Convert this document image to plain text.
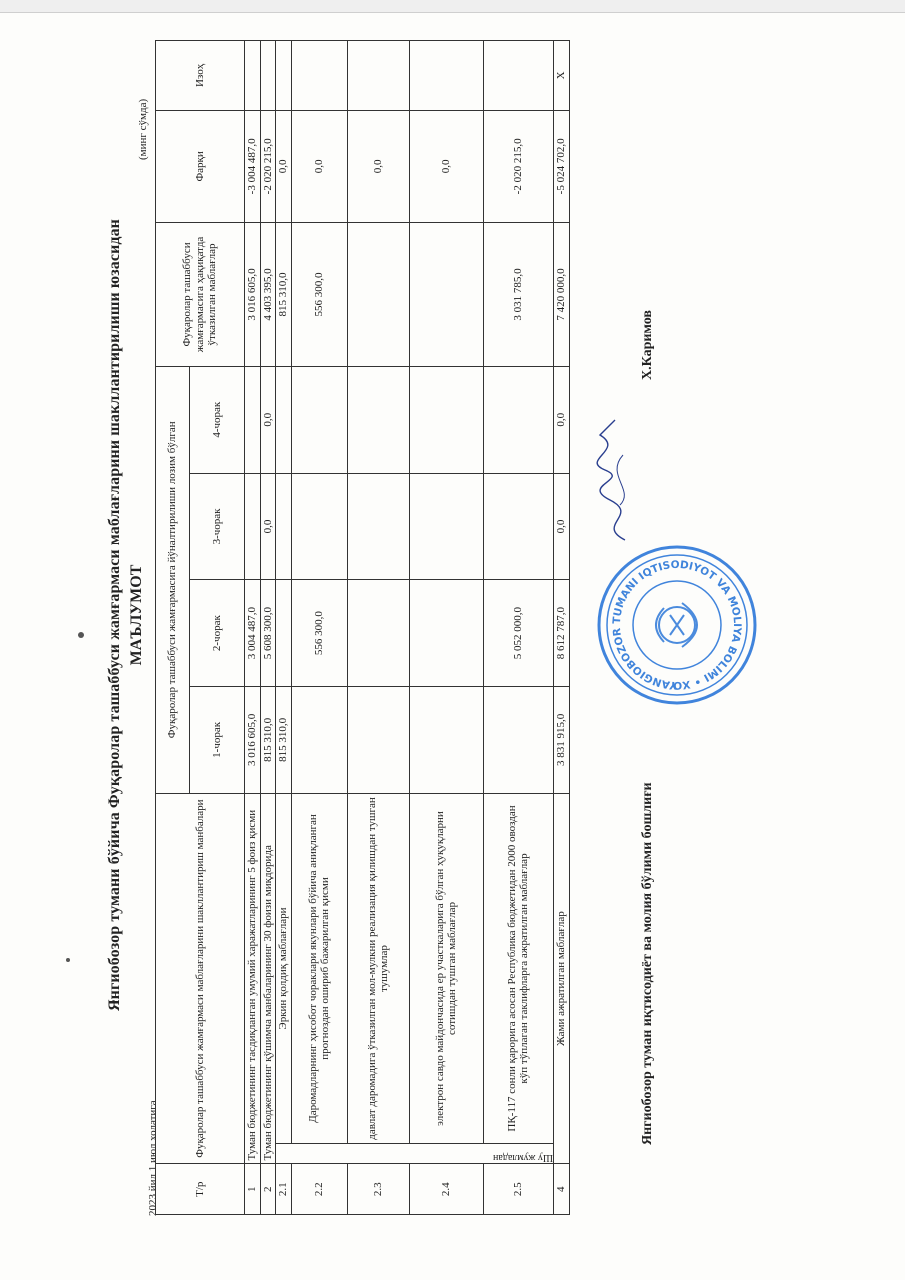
Янгиобозор тумани бўйича Фуқаролар ташаббуси жамғармаси маблағларини шакллантирилиши юзасидан МАЪЛУМОТ
2023 йил 1 июл холатига
(минг сўмда)
Т/р	Фуқаролар ташаббуси жамғармаси маблағларини шакллантириш манбалари		Фуқаролар ташаббуси жамғармасига йўналтирилиши лозим бўлган				Фуқаролар ташаббуси жамғармасига ҳақиқатда ўтказилган маблағлар	Фарқи	Изоҳ
			1-чорак	2-чорак	3-чорак	4-чорак			
1	Туман бюджетининг тасдиқланган умумий харажатларининг 5 фоиз қисми		3 016 605,0	3 004 487,0			3 016 605,0	-3 004 487,0	
2	Туман бюджетининг қўшимча манбаларининг 30 фоизи миқдорида		815 310,0	5 608 300,0	0,0	0,0	4 403 395,0	-2 020 215,0	
2.1	Шу жумладан	Эркин қолдиқ маблағлари	815 310,0				815 310,0	0,0	
2.2		Даромадларнинг ҳисобот чораклари якунлари бўйича аниқланган прогноздан ошириб бажарилган қисми		556 300,0			556 300,0	0,0	
2.3		давлат даромадига ўтказилган мол-мулкни реализация қилишдан тушган тушумлар						0,0	
2.4		электрон савдо майдончасида ер участкаларига бўлган ҳуқуқларни сотишдан тушган маблағлар						0,0	
2.5		ПҚ-117 сонли қарорига асосан Республика бюджетидан 2000 овоздан кўп тўплаган таклифларга ажратилган маблағлар		5 052 000,0			3 031 785,0	-2 020 215,0	
4	Жами ажратилган маблағлар		3 831 915,0	8 612 787,0	0,0	0,0	7 420 000,0	-5 024 702,0	Х
Янгиобозор туман иқтисодиёт ва молия бўлими бошлиғи
Х.Каримов
YANGIOBOZOR TUMANI IQTISODIYOT VA MOLIYA BOLIMI • XO
